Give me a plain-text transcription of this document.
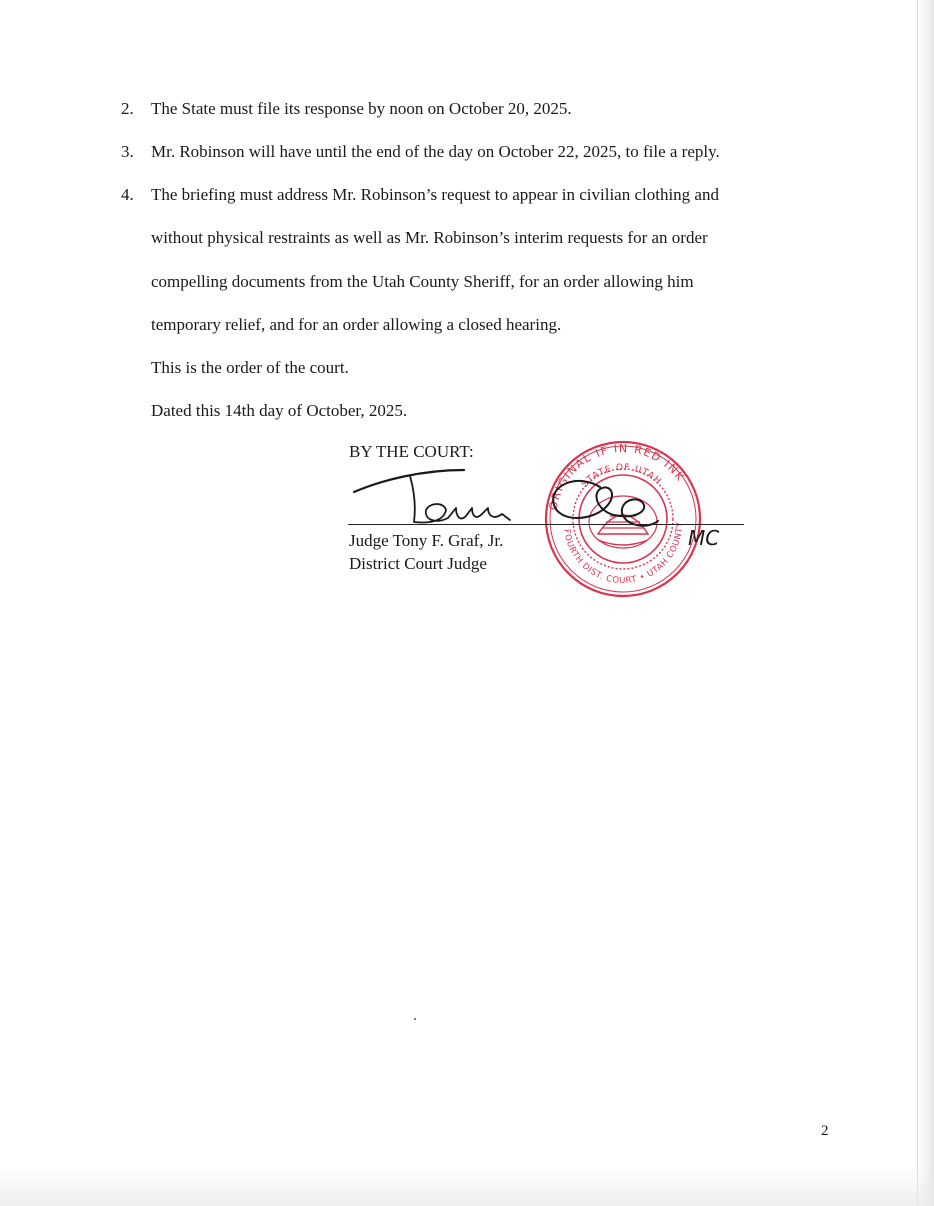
2. The State must file its response by noon on October 20, 2025.
3. Mr. Robinson will have until the end of the day on October 22, 2025, to file a reply.
4. The briefing must address Mr. Robinson’s request to appear in civilian clothing and
without physical restraints as well as Mr. Robinson’s interim requests for an order
compelling documents from the Utah County Sheriff, for an order allowing him
temporary relief, and for an order allowing a closed hearing.
This is the order of the court.
Dated this 14th day of October, 2025.
BY THE COURT:
ORIGINAL IF IN RED INK
STATE OF UTAH
FOURTH DIST. COURT • UTAH COUNTY
MC
Judge Tony F. Graf, Jr.
District Court Judge
2
